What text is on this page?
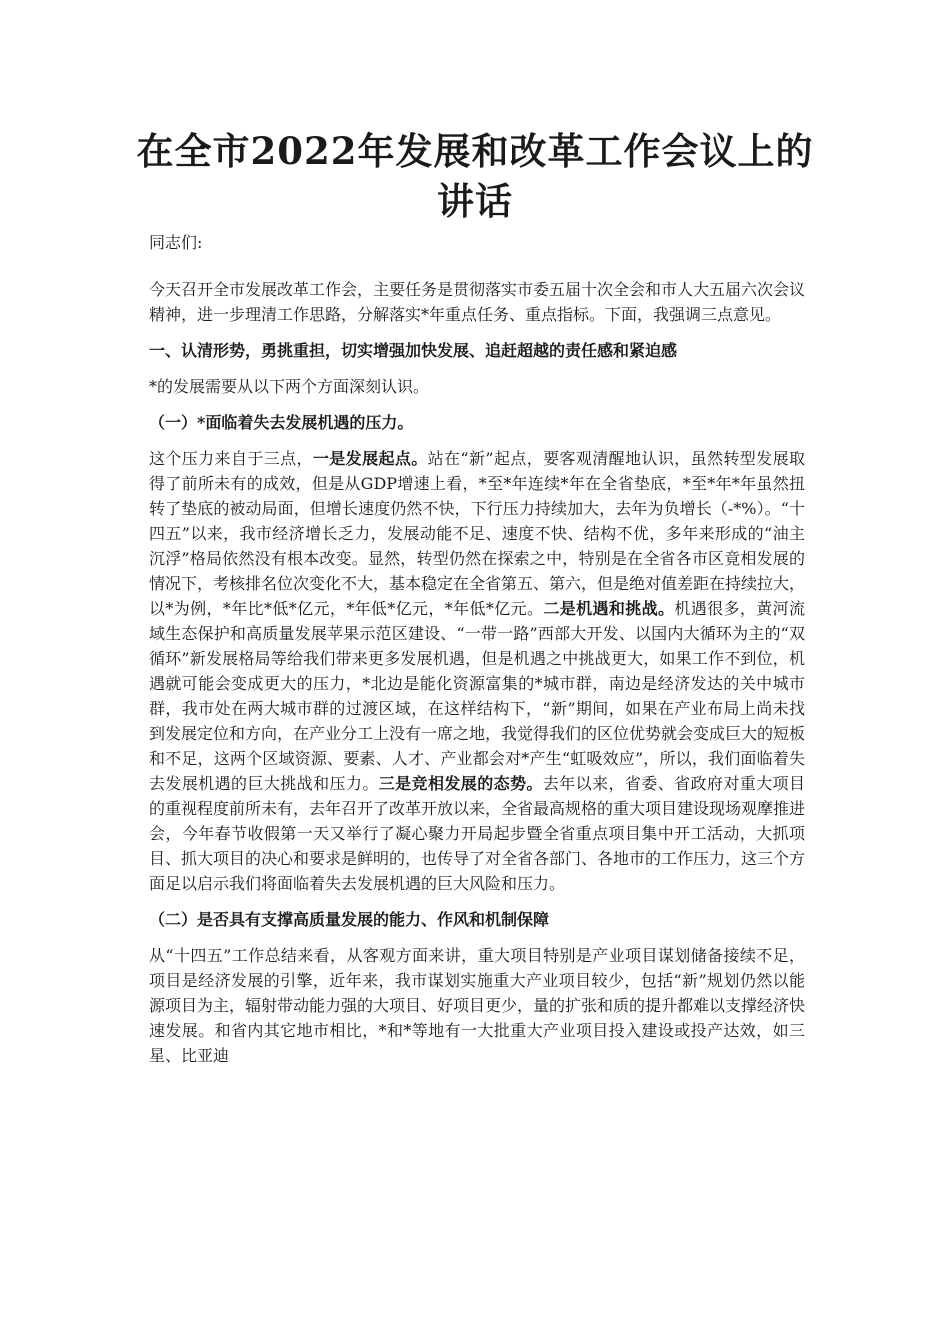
在全市2022年发展和改革工作会议上的讲话

同志们:

今天召开全市发展改革工作会，主要任务是贯彻落实市委五届十次全会和市人大五届六次会议精神，进一步理清工作思路，分解落实*年重点任务、重点指标。下面，我强调三点意见。

一、认清形势，勇挑重担，切实增强加快发展、追赶超越的责任感和紧迫感

*的发展需要从以下两个方面深刻认识。

（一）*面临着失去发展机遇的压力。

这个压力来自于三点，一是发展起点。站在“新”起点，要客观清醒地认识，虽然转型发展取得了前所未有的成效，但是从GDP增速上看，*至*年连续*年在全省垫底，*至*年*年虽然扭转了垫底的被动局面，但增长速度仍然不快，下行压力持续加大，去年为负增长（-*%）。“十四五”以来，我市经济增长乏力，发展动能不足、速度不快、结构不优，多年来形成的“油主沉浮”格局依然没有根本改变。显然，转型仍然在探索之中，特别是在全省各市区竟相发展的情况下，考核排名位次变化不大，基本稳定在全省第五、第六，但是绝对值差距在持续拉大，以*为例，*年比*低*亿元，*年低*亿元，*年低*亿元。二是机遇和挑战。机遇很多，黄河流域生态保护和高质量发展苹果示范区建设、“一带一路”西部大开发、以国内大循环为主的“双循环”新发展格局等给我们带来更多发展机遇，但是机遇之中挑战更大，如果工作不到位，机遇就可能会变成更大的压力，*北边是能化资源富集的*城市群，南边是经济发达的关中城市群，我市处在两大城市群的过渡区域，在这样结构下，“新”期间，如果在产业布局上尚未找到发展定位和方向，在产业分工上没有一席之地，我觉得我们的区位优势就会变成巨大的短板和不足，这两个区域资源、要素、人才、产业都会对*产生“虹吸效应”，所以，我们面临着失去发展机遇的巨大挑战和压力。三是竞相发展的态势。去年以来，省委、省政府对重大项目的重视程度前所未有，去年召开了改革开放以来，全省最高规格的重大项目建设现场观摩推进会，今年春节收假第一天又举行了凝心聚力开局起步暨全省重点项目集中开工活动，大抓项目、抓大项目的决心和要求是鲜明的，也传导了对全省各部门、各地市的工作压力，这三个方面足以启示我们将面临着失去发展机遇的巨大风险和压力。

（二）是否具有支撑高质量发展的能力、作风和机制保障

从“十四五”工作总结来看，从客观方面来讲，重大项目特别是产业项目谋划储备接续不足，项目是经济发展的引擎，近年来，我市谋划实施重大产业项目较少，包括“新”规划仍然以能源项目为主，辐射带动能力强的大项目、好项目更少，量的扩张和质的提升都难以支撑经济快速发展。和省内其它地市相比，*和*等地有一大批重大产业项目投入建设或投产达效，如三星、比亚迪
